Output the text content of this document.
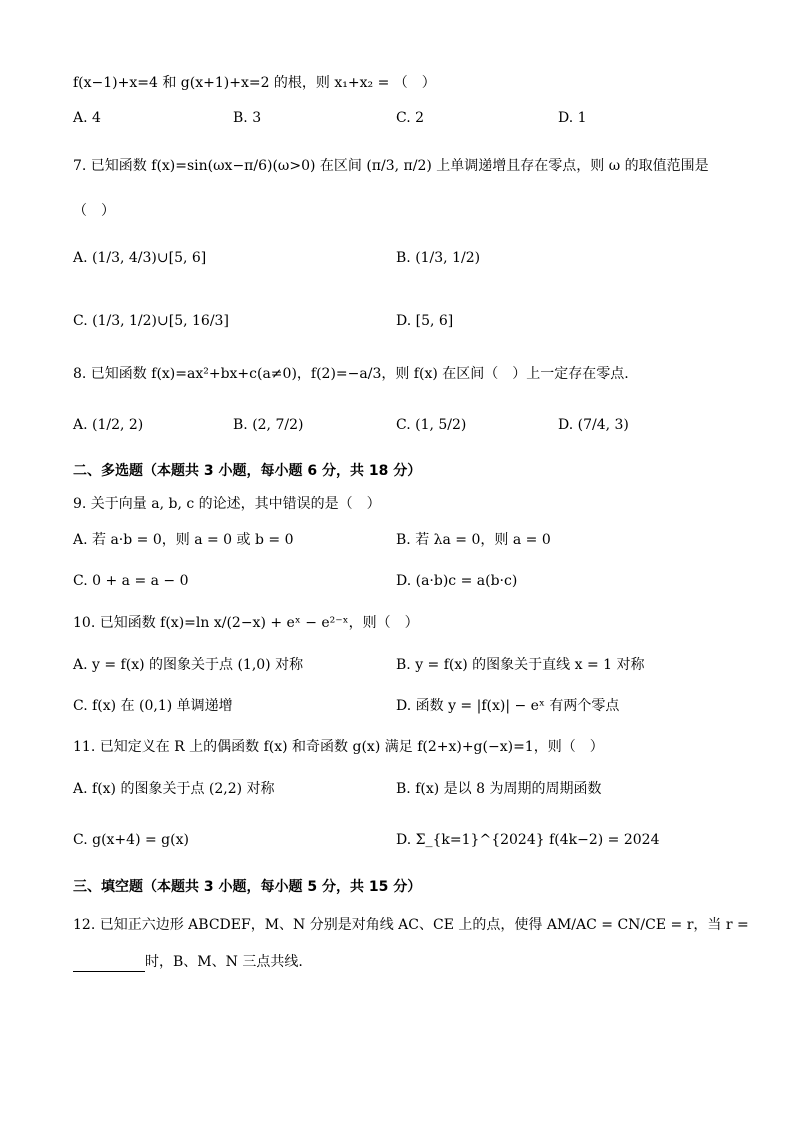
f(x−1)+x=4 和 g(x+1)+x=2 的根，则 x₁+x₂ = （　）
A. 4	B. 3	C. 2	D. 1
7. 已知函数 f(x)=sin(ωx−π/6)(ω>0) 在区间 (π/3, π/2) 上单调递增且存在零点，则 ω 的取值范围是
（　）
A. (1/3, 4/3)∪[5, 6]	B. (1/3, 1/2)
C. (1/3, 1/2)∪[5, 16/3]	D. [5, 6]
8. 已知函数 f(x)=ax²+bx+c(a≠0)，f(2)=−a/3，则 f(x) 在区间（　）上一定存在零点.
A. (1/2, 2)	B. (2, 7/2)	C. (1, 5/2)	D. (7/4, 3)
二、多选题（本题共 3 小题，每小题 6 分，共 18 分）
9. 关于向量 a, b, c 的论述，其中错误的是（　）
A. 若 a·b = 0，则 a = 0 或 b = 0	B. 若 λa = 0，则 a = 0
C. 0 + a = a − 0	D. (a·b)c = a(b·c)
10. 已知函数 f(x)=ln x/(2−x) + eˣ − e²⁻ˣ，则（　）
A. y = f(x) 的图象关于点 (1,0) 对称	B. y = f(x) 的图象关于直线 x = 1 对称
C. f(x) 在 (0,1) 单调递增	D. 函数 y = |f(x)| − eˣ 有两个零点
11. 已知定义在 R 上的偶函数 f(x) 和奇函数 g(x) 满足 f(2+x)+g(−x)=1，则（　）
A. f(x) 的图象关于点 (2,2) 对称	B. f(x) 是以 8 为周期的周期函数
C. g(x+4) = g(x)	D. Σ_{k=1}^{2024} f(4k−2) = 2024
三、填空题（本题共 3 小题，每小题 5 分，共 15 分）
12. 已知正六边形 ABCDEF，M、N 分别是对角线 AC、CE 上的点，使得 AM/AC = CN/CE = r，当 r =
时，B、M、N 三点共线.
